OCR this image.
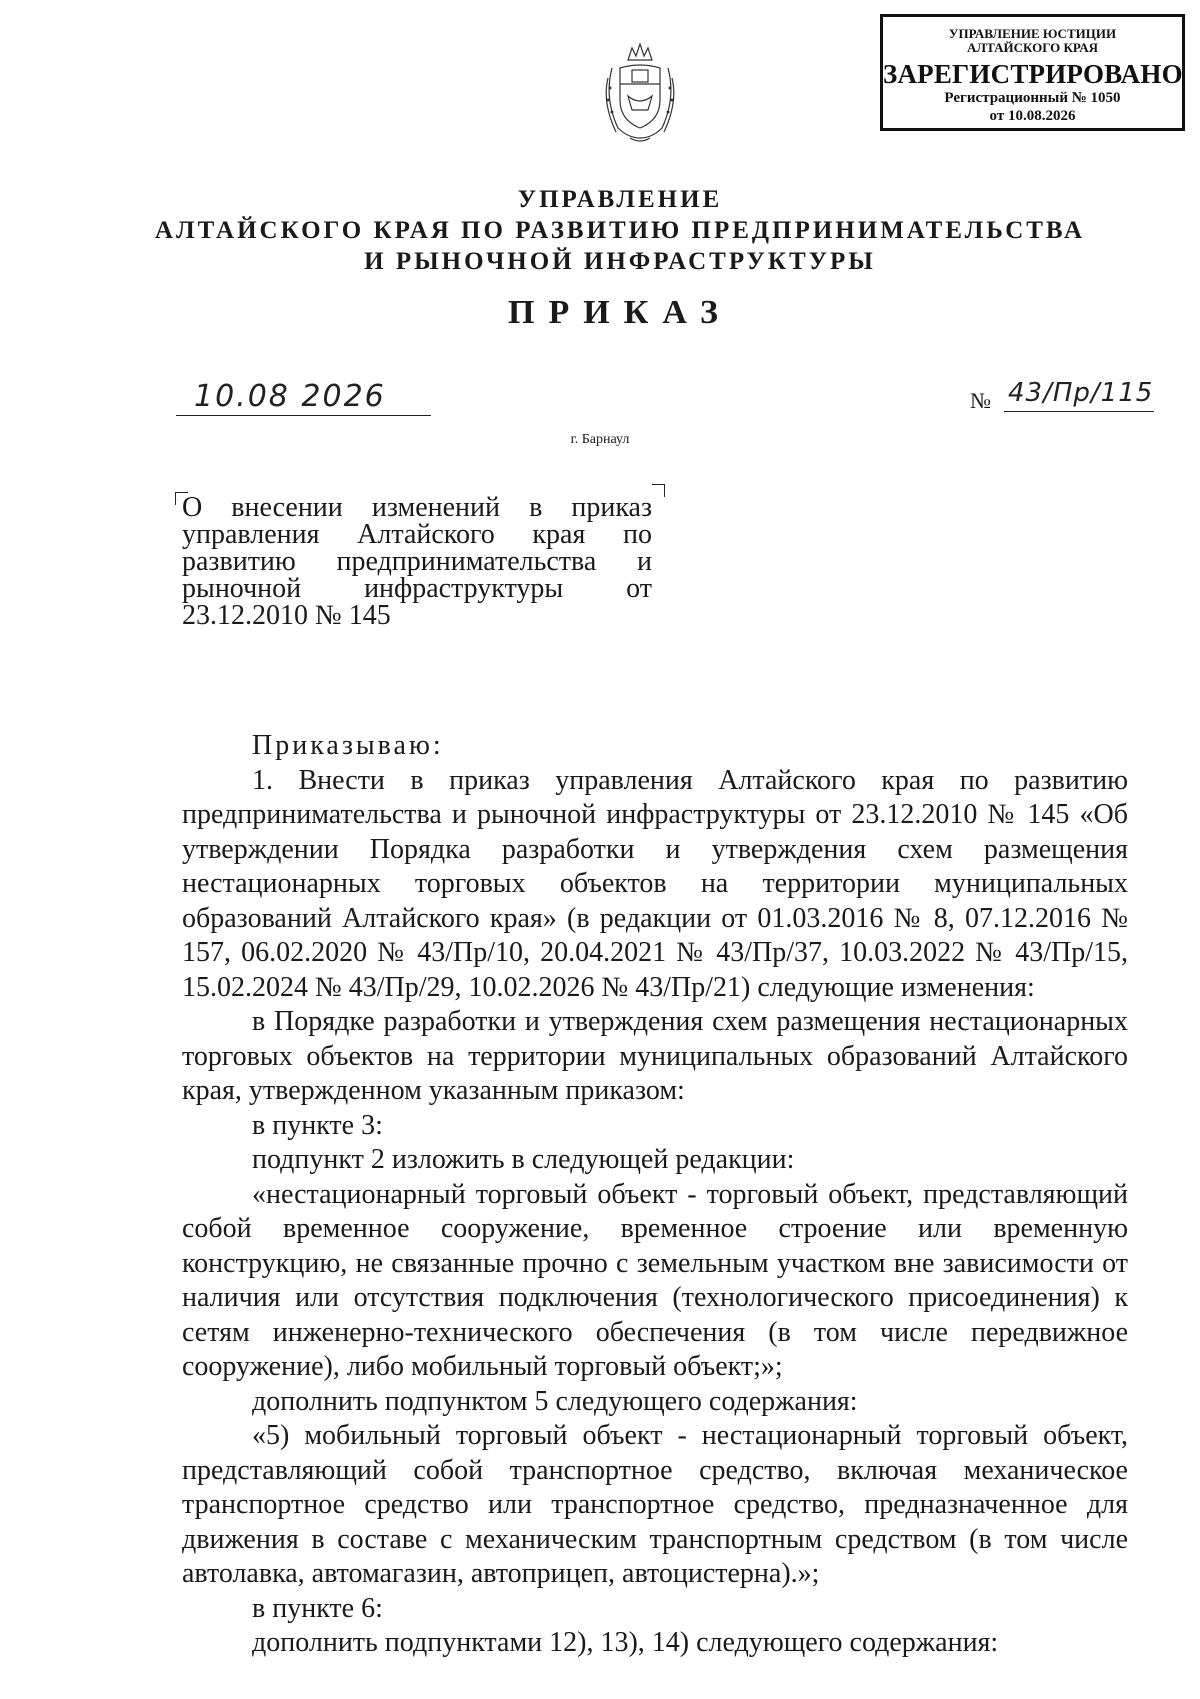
УПРАВЛЕНИЕ ЮСТИЦИИ
АЛТАЙСКОГО КРАЯ
ЗАРЕГИСТРИРОВАНО
Регистрационный № 1050
от 10.08.2026
УПРАВЛЕНИЕ
АЛТАЙСКОГО КРАЯ ПО РАЗВИТИЮ ПРЕДПРИНИМАТЕЛЬСТВА
И РЫНОЧНОЙ ИНФРАСТРУКТУРЫ
ПРИКАЗ
10.08 2026	№ 43/Пр/115
г. Барнаул
О внесении изменений в приказ управления Алтайского края по развитию предпринимательства и рыночной инфраструктуры от 23.12.2010 № 145

Приказываю:

1. Внести в приказ управления Алтайского края по развитию предпринимательства и рыночной инфраструктуры от 23.12.2010 № 145 «Об утверждении Порядка разработки и утверждения схем размещения нестационарных торговых объектов на территории муниципальных образований Алтайского края» (в редакции от 01.03.2016 № 8, 07.12.2016 № 157, 06.02.2020 № 43/Пр/10, 20.04.2021 № 43/Пр/37, 10.03.2022 № 43/Пр/15, 15.02.2024 № 43/Пр/29, 10.02.2026 № 43/Пр/21) следующие изменения:

в Порядке разработки и утверждения схем размещения нестационарных торговых объектов на территории муниципальных образований Алтайского края, утвержденном указанным приказом:

в пункте 3:

подпункт 2 изложить в следующей редакции:

«нестационарный торговый объект - торговый объект, представляющий собой временное сооружение, временное строение или временную конструкцию, не связанные прочно с земельным участком вне зависимости от наличия или отсутствия подключения (технологического присоединения) к сетям инженерно-технического обеспечения (в том числе передвижное сооружение), либо мобильный торговый объект;»;

дополнить подпунктом 5 следующего содержания:

«5) мобильный торговый объект - нестационарный торговый объект, представляющий собой транспортное средство, включая механическое транспортное средство или транспортное средство, предназначенное для движения в составе с механическим транспортным средством (в том числе автолавка, автомагазин, автоприцеп, автоцистерна).»;

в пункте 6:

дополнить подпунктами 12), 13), 14) следующего содержания:
